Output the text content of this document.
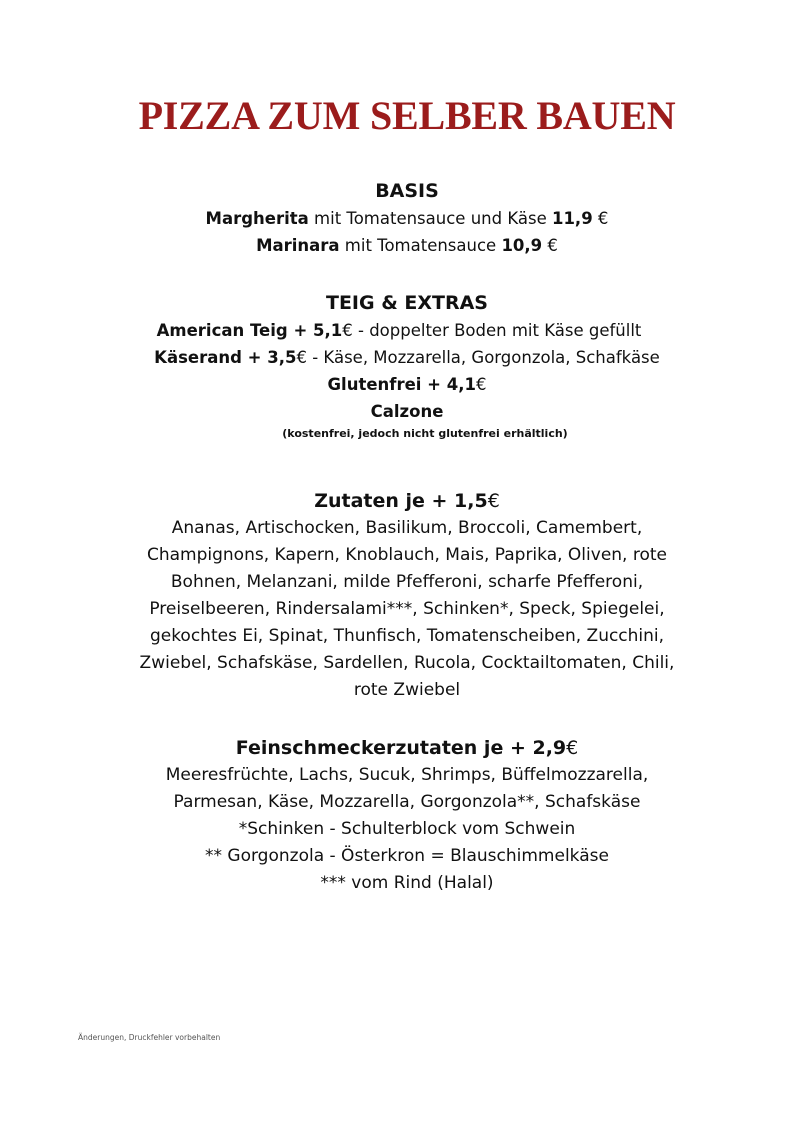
PIZZA ZUM SELBER BAUEN
BASIS
Margherita mit Tomatensauce und Käse 11,9 €
Marinara mit Tomatensauce 10,9 €
TEIG & EXTRAS
American Teig + 5,1€ - doppelter Boden mit Käse gefüllt
Käserand + 3,5€ - Käse, Mozzarella, Gorgonzola, Schafkäse
Glutenfrei + 4,1€
Calzone
(kostenfrei, jedoch nicht glutenfrei erhältlich)
Zutaten je + 1,5€
Ananas, Artischocken, Basilikum, Broccoli, Camembert,
Champignons, Kapern, Knoblauch, Mais, Paprika, Oliven, rote
Bohnen, Melanzani, milde Pfefferoni, scharfe Pfefferoni,
Preiselbeeren, Rindersalami***, Schinken*, Speck, Spiegelei,
gekochtes Ei, Spinat, Thunfisch, Tomatenscheiben, Zucchini,
Zwiebel, Schafskäse, Sardellen, Rucola, Cocktailtomaten, Chili,
rote Zwiebel
Feinschmeckerzutaten je + 2,9€
Meeresfrüchte, Lachs, Sucuk, Shrimps, Büffelmozzarella,
Parmesan, Käse, Mozzarella, Gorgonzola**, Schafskäse
*Schinken - Schulterblock vom Schwein
** Gorgonzola - Österkron = Blauschimmelkäse
*** vom Rind (Halal)
Änderungen, Druckfehler vorbehalten
